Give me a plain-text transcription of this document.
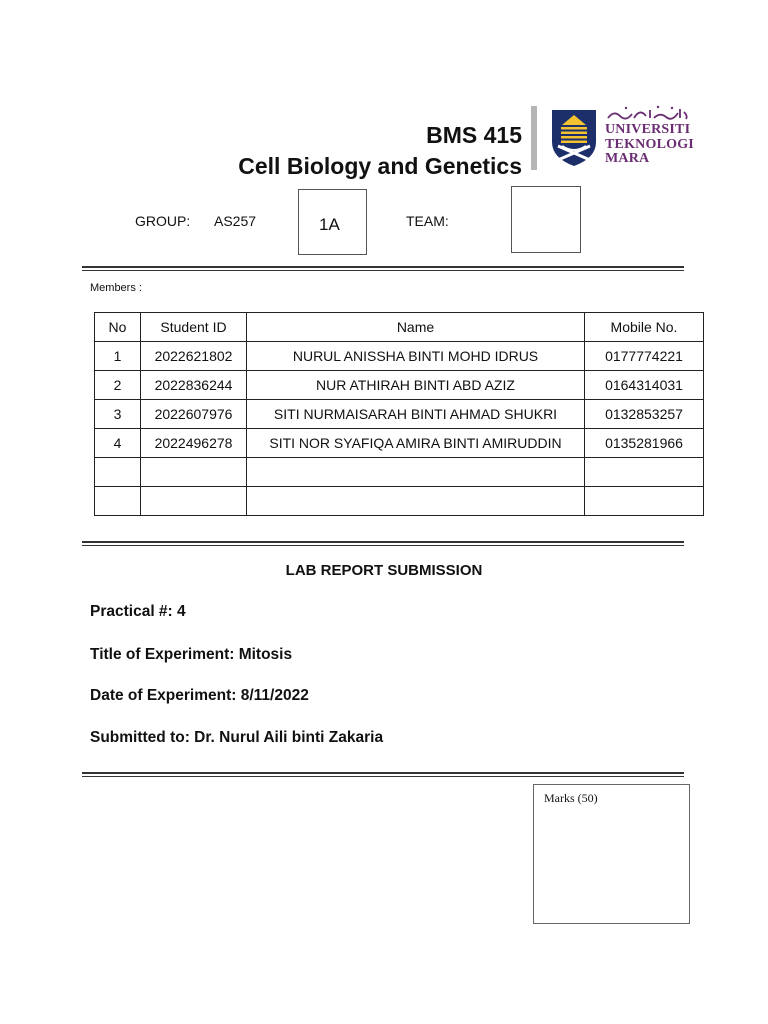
BMS 415
Cell Biology and Genetics
UNIVERSITI
TEKNOLOGI
MARA
GROUP: AS257	1A	TEAM:
Members :
No	Student ID	Name	Mobile No.
1	2022621802	NURUL ANISSHA BINTI MOHD IDRUS	0177774221
2	2022836244	NUR ATHIRAH BINTI ABD AZIZ	0164314031
3	2022607976	SITI NURMAISARAH BINTI AHMAD SHUKRI	0132853257
4	2022496278	SITI NOR SYAFIQA AMIRA BINTI AMIRUDDIN	0135281966

LAB REPORT SUBMISSION
Practical #: 4
Title of Experiment: Mitosis
Date of Experiment: 8/11/2022
Submitted to: Dr. Nurul Aili binti Zakaria
Marks (50)
